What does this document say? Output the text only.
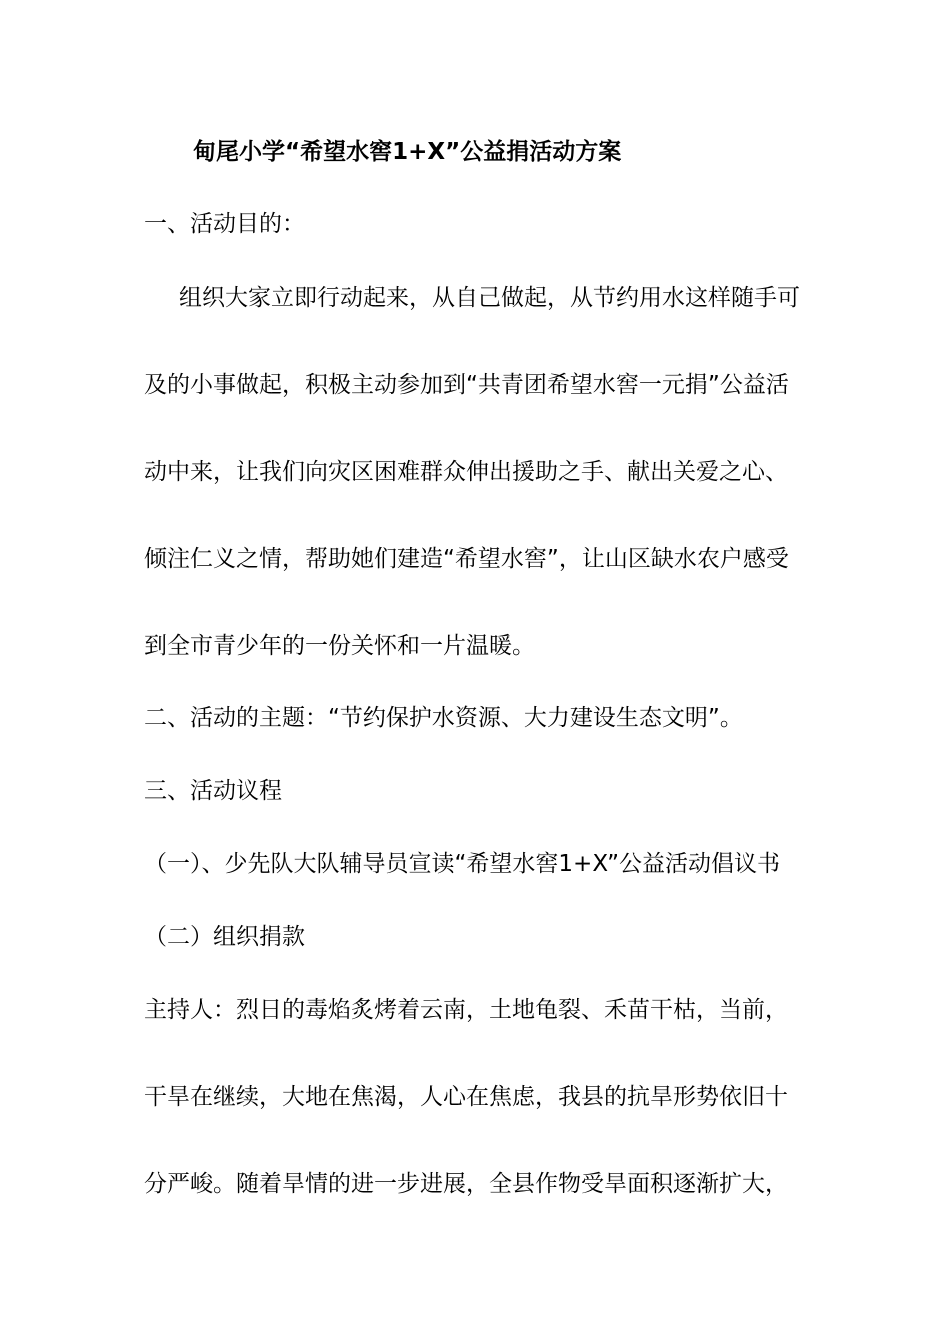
甸尾小学“希望水窖1+X”公益捐活动方案
一、活动目的：
组织大家立即行动起来，从自己做起，从节约用水这样随手可
及的小事做起，积极主动参加到“共青团希望水窖一元捐”公益活
动中来，让我们向灾区困难群众伸出援助之手、献出关爱之心、
倾注仁义之情，帮助她们建造“希望水窖”，让山区缺水农户感受
到全市青少年的一份关怀和一片温暖。
二、活动的主题：“节约保护水资源、大力建设生态文明”。
三、活动议程
（一）、少先队大队辅导员宣读“希望水窖1+X”公益活动倡议书
（二）组织捐款
主持人：烈日的毒焰炙烤着云南，土地龟裂、禾苗干枯，当前，
干旱在继续，大地在焦渴，人心在焦虑，我县的抗旱形势依旧十
分严峻。随着旱情的进一步进展，全县作物受旱面积逐渐扩大，
